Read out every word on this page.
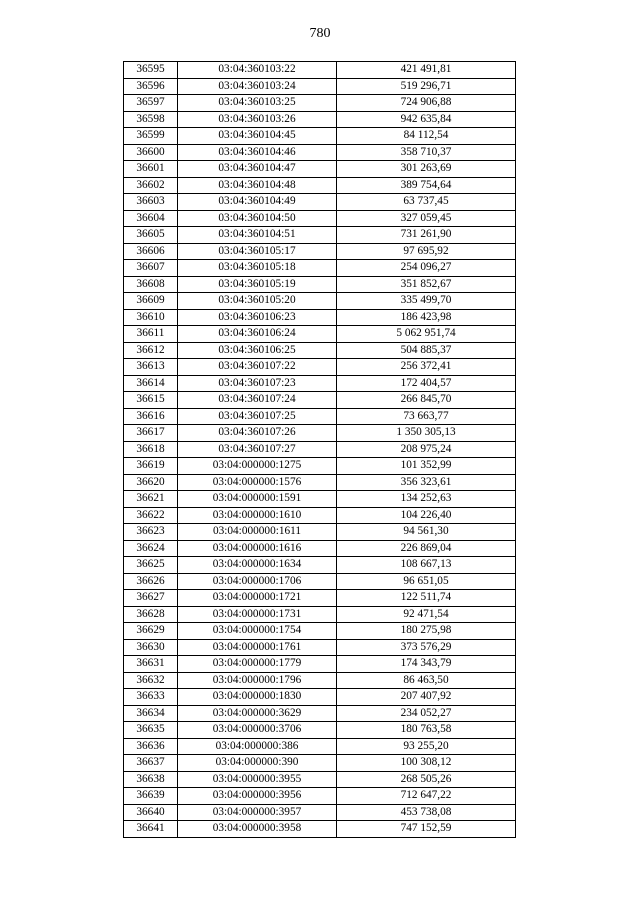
780
36595	03:04:360103:22	421 491,81
36596	03:04:360103:24	519 296,71
36597	03:04:360103:25	724 906,88
36598	03:04:360103:26	942 635,84
36599	03:04:360104:45	84 112,54
36600	03:04:360104:46	358 710,37
36601	03:04:360104:47	301 263,69
36602	03:04:360104:48	389 754,64
36603	03:04:360104:49	63 737,45
36604	03:04:360104:50	327 059,45
36605	03:04:360104:51	731 261,90
36606	03:04:360105:17	97 695,92
36607	03:04:360105:18	254 096,27
36608	03:04:360105:19	351 852,67
36609	03:04:360105:20	335 499,70
36610	03:04:360106:23	186 423,98
36611	03:04:360106:24	5 062 951,74
36612	03:04:360106:25	504 885,37
36613	03:04:360107:22	256 372,41
36614	03:04:360107:23	172 404,57
36615	03:04:360107:24	266 845,70
36616	03:04:360107:25	73 663,77
36617	03:04:360107:26	1 350 305,13
36618	03:04:360107:27	208 975,24
36619	03:04:000000:1275	101 352,99
36620	03:04:000000:1576	356 323,61
36621	03:04:000000:1591	134 252,63
36622	03:04:000000:1610	104 226,40
36623	03:04:000000:1611	94 561,30
36624	03:04:000000:1616	226 869,04
36625	03:04:000000:1634	108 667,13
36626	03:04:000000:1706	96 651,05
36627	03:04:000000:1721	122 511,74
36628	03:04:000000:1731	92 471,54
36629	03:04:000000:1754	180 275,98
36630	03:04:000000:1761	373 576,29
36631	03:04:000000:1779	174 343,79
36632	03:04:000000:1796	86 463,50
36633	03:04:000000:1830	207 407,92
36634	03:04:000000:3629	234 052,27
36635	03:04:000000:3706	180 763,58
36636	03:04:000000:386	93 255,20
36637	03:04:000000:390	100 308,12
36638	03:04:000000:3955	268 505,26
36639	03:04:000000:3956	712 647,22
36640	03:04:000000:3957	453 738,08
36641	03:04:000000:3958	747 152,59
